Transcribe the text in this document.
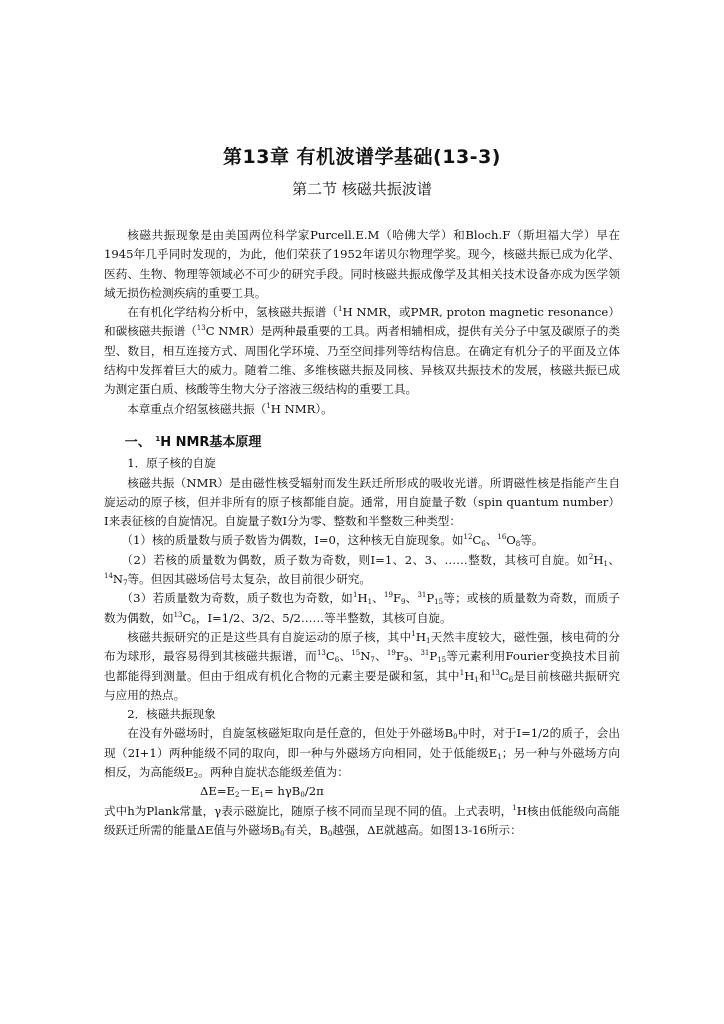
第13章 有机波谱学基础(13-3)
第二节 核磁共振波谱

核磁共振现象是由美国两位科学家Purcell.E.M（哈佛大学）和Bloch.F（斯坦福大学）早在1945年几乎同时发现的，为此，他们荣获了1952年诺贝尔物理学奖。现今，核磁共振已成为化学、医药、生物、物理等领域必不可少的研究手段。同时核磁共振成像学及其相关技术设备亦成为医学领域无损伤检测疾病的重要工具。

在有机化学结构分析中，氢核磁共振谱（$^1$H NMR，或PMR, proton magnetic resonance）和碳核磁共振谱（$^{13}$C NMR）是两种最重要的工具。两者相辅相成，提供有关分子中氢及碳原子的类型、数目，相互连接方式、周围化学环境、乃至空间排列等结构信息。在确定有机分子的平面及立体结构中发挥着巨大的威力。随着二维、多维核磁共振及同核、异核双共振技术的发展，核磁共振已成为测定蛋白质、核酸等生物大分子溶液三级结构的重要工具。

本章重点介绍氢核磁共振（$^1$H NMR）。

一、 $^1$H NMR基本原理

1．原子核的自旋

核磁共振（NMR）是由磁性核受辐射而发生跃迁所形成的吸收光谱。所谓磁性核是指能产生自旋运动的原子核，但并非所有的原子核都能自旋。通常，用自旋量子数（spin quantum number）I来表征核的自旋情况。自旋量子数I分为零、整数和半整数三种类型：

（1）核的质量数与质子数皆为偶数，I=0，这种核无自旋现象。如$^{12}C_6$、$^{16}O_8$等。

（2）若核的质量数为偶数，质子数为奇数，则I=1、2、3、……整数，其核可自旋。如$^2H_1$、$^{14}N_7$等。但因其磁场信号太复杂，故目前很少研究。

（3）若质量数为奇数，质子数也为奇数，如$^1H_1$、$^{19}F_9$、$^{31}P_{15}$等；或核的质量数为奇数，而质子数为偶数，如$^{13}C_6$，I=1/2、3/2、5/2……等半整数，其核可自旋。

核磁共振研究的正是这些具有自旋运动的原子核，其中$^1H_1$天然丰度较大，磁性强，核电荷的分布为球形，最容易得到其核磁共振谱，而$^{13}C_6$、$^{15}N_7$、$^{19}F_9$、$^{31}P_{15}$等元素利用Fourier变换技术目前也都能得到测量。但由于组成有机化合物的元素主要是碳和氢，其中$^1H_1$和$^{13}C_6$是目前核磁共振研究与应用的热点。

2．核磁共振现象

在没有外磁场时，自旋氢核磁矩取向是任意的，但处于外磁场$B_0$中时，对于I=1/2的质子，会出现（2I+1）两种能级不同的取向，即一种与外磁场方向相同，处于低能级$E_1$；另一种与外磁场方向相反，为高能级$E_2$。两种自旋状态能级差值为：

$\Delta E=E_2-E_1= h\gamma B_0/2\pi$

式中h为Plank常量，γ表示磁旋比，随原子核不同而呈现不同的值。上式表明，$^1$H核由低能级向高能级跃迁所需的能量ΔE值与外磁场$B_0$有关，$B_0$越强，ΔE就越高。如图13-16所示：
